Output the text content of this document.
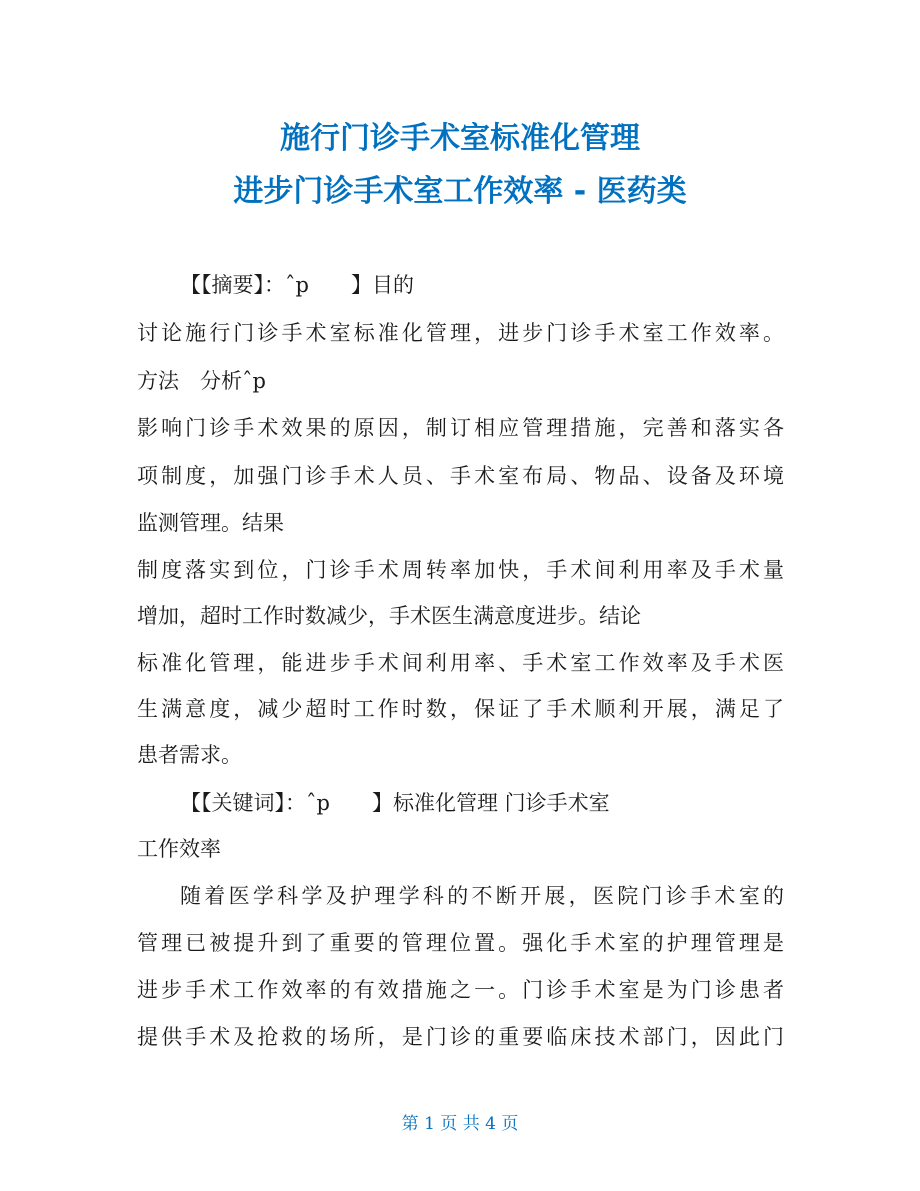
施行门诊手术室标准化管理
进步门诊手术室工作效率 - 医药类
【【摘要】：ˆp　　】目的
讨论施行门诊手术室标准化管理，进步门诊手术室工作效率。
方法　分析ˆp
影响门诊手术效果的原因，制订相应管理措施，完善和落实各
项制度，加强门诊手术人员、手术室布局、物品、设备及环境
监测管理。结果
制度落实到位，门诊手术周转率加快，手术间利用率及手术量
增加，超时工作时数减少，手术医生满意度进步。结论
标准化管理，能进步手术间利用率、手术室工作效率及手术医
生满意度，减少超时工作时数，保证了手术顺利开展，满足了
患者需求。
【【关键词】：ˆp　　】标准化管理 门诊手术室
工作效率
随着医学科学及护理学科的不断开展，医院门诊手术室的
管理已被提升到了重要的管理位置。强化手术室的护理管理是
进步手术工作效率的有效措施之一。门诊手术室是为门诊患者
提供手术及抢救的场所，是门诊的重要临床技术部门，因此门
第 1 页 共 4 页
